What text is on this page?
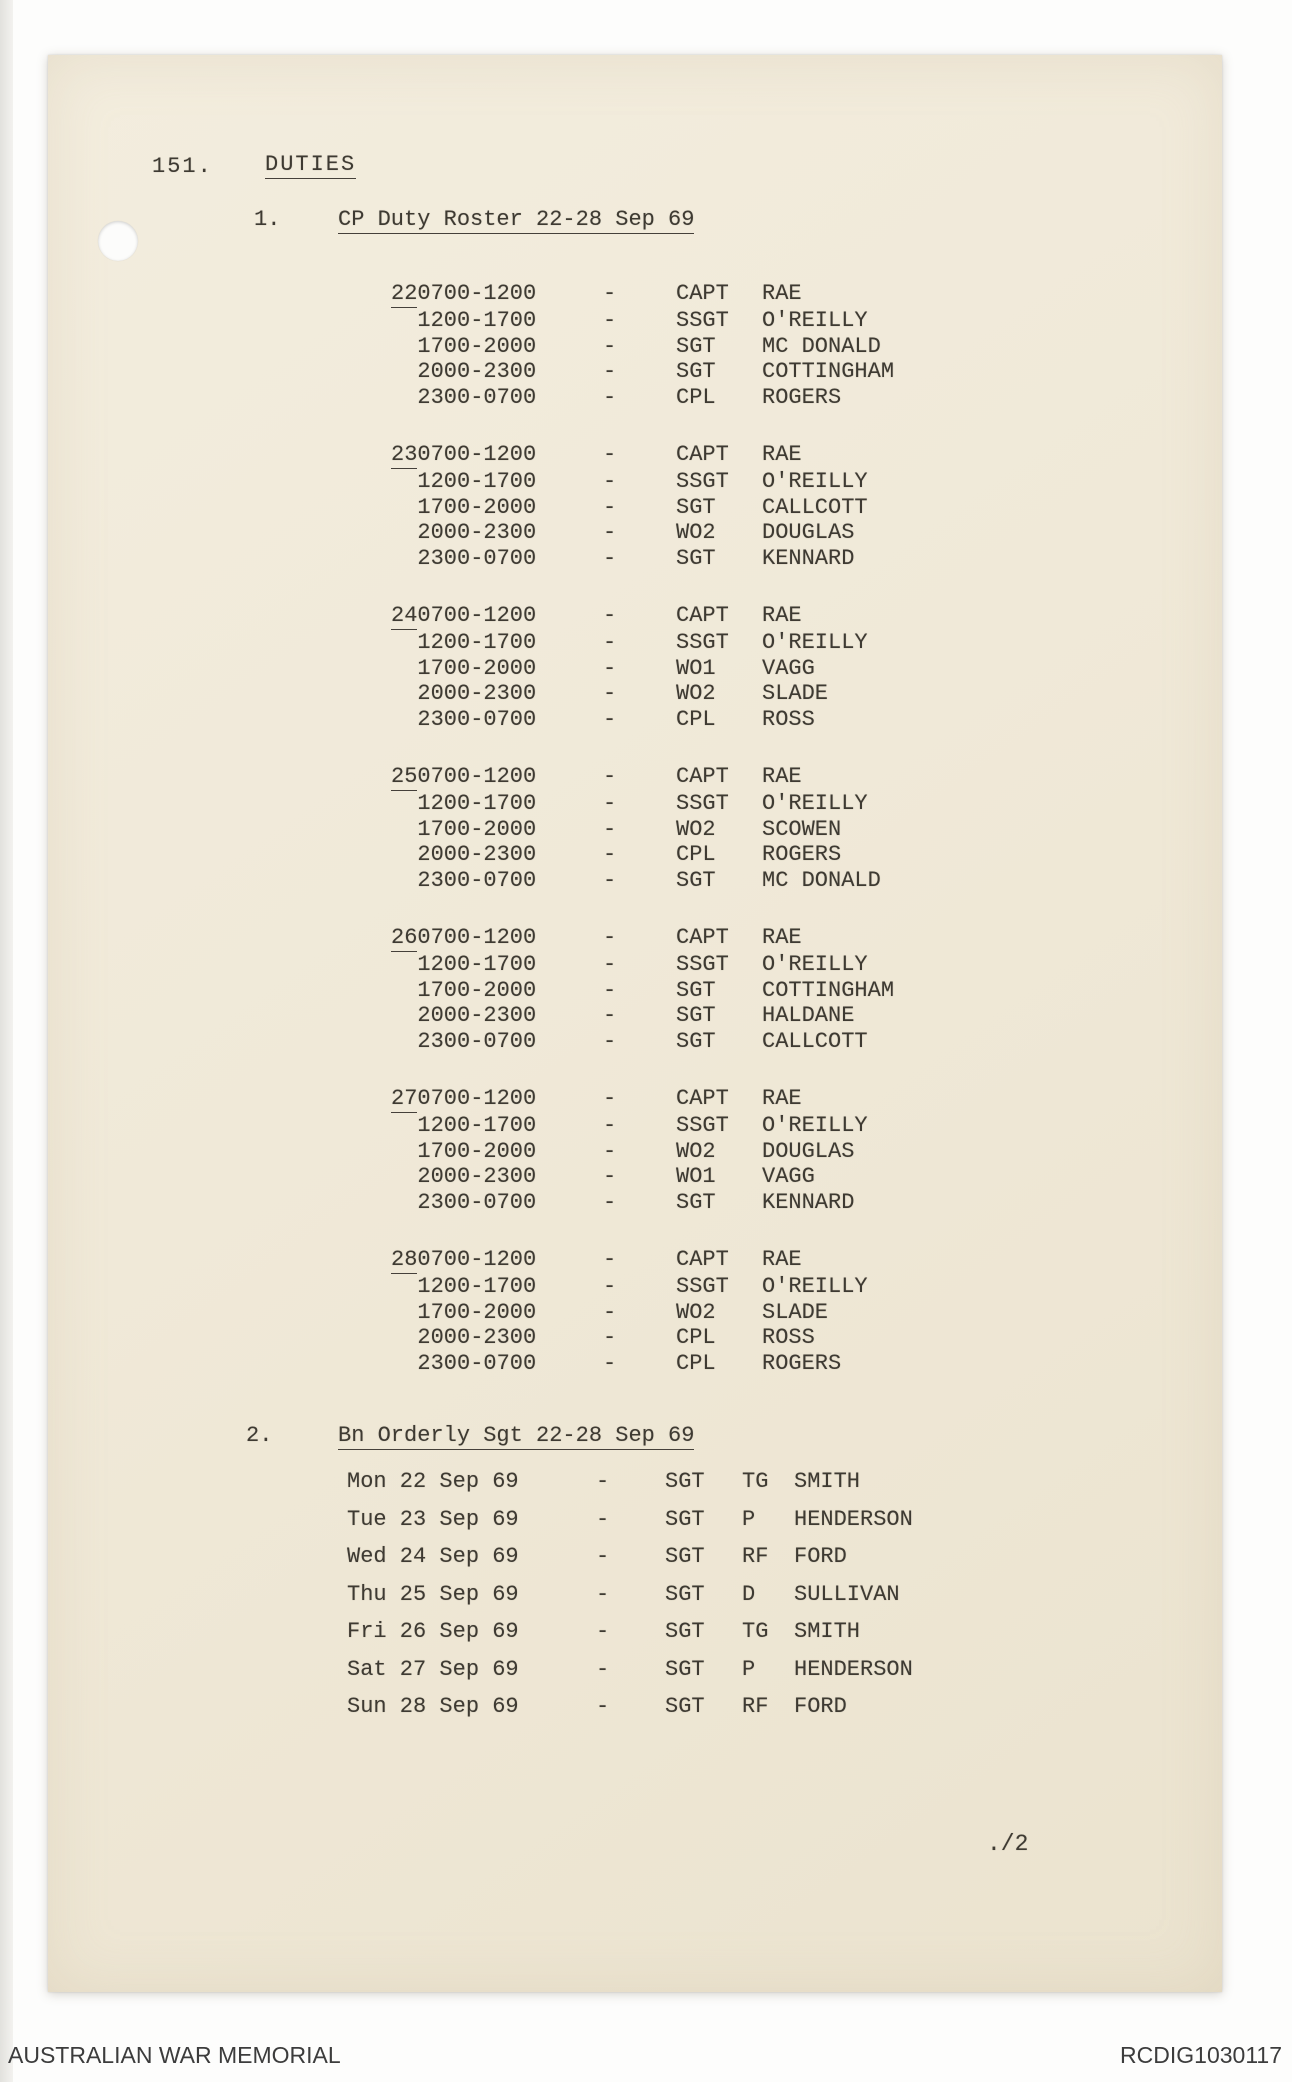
151. DUTIES
1.	CP Duty Roster 22-28 Sep 69
220700-1200	-	CAPT	RAE
1200-1700	-	SSGT	O'REILLY
1700-2000	-	SGT	MC DONALD
2000-2300	-	SGT	COTTINGHAM
2300-0700	-	CPL	ROGERS
230700-1200	-	CAPT	RAE
1200-1700	-	SSGT	O'REILLY
1700-2000	-	SGT	CALLCOTT
2000-2300	-	WO2	DOUGLAS
2300-0700	-	SGT	KENNARD
240700-1200	-	CAPT	RAE
1200-1700	-	SSGT	O'REILLY
1700-2000	-	WO1	VAGG
2000-2300	-	WO2	SLADE
2300-0700	-	CPL	ROSS
250700-1200	-	CAPT	RAE
1200-1700	-	SSGT	O'REILLY
1700-2000	-	WO2	SCOWEN
2000-2300	-	CPL	ROGERS
2300-0700	-	SGT	MC DONALD
260700-1200	-	CAPT	RAE
1200-1700	-	SSGT	O'REILLY
1700-2000	-	SGT	COTTINGHAM
2000-2300	-	SGT	HALDANE
2300-0700	-	SGT	CALLCOTT
270700-1200	-	CAPT	RAE
1200-1700	-	SSGT	O'REILLY
1700-2000	-	WO2	DOUGLAS
2000-2300	-	WO1	VAGG
2300-0700	-	SGT	KENNARD
280700-1200	-	CAPT	RAE
1200-1700	-	SSGT	O'REILLY
1700-2000	-	WO2	SLADE
2000-2300	-	CPL	ROSS
2300-0700	-	CPL	ROGERS
2.	Bn Orderly Sgt 22-28 Sep 69
Mon 22 Sep 69	-	SGT	TG	SMITH
Tue 23 Sep 69	-	SGT	P	HENDERSON
Wed 24 Sep 69	-	SGT	RF	FORD
Thu 25 Sep 69	-	SGT	D	SULLIVAN
Fri 26 Sep 69	-	SGT	TG	SMITH
Sat 27 Sep 69	-	SGT	P	HENDERSON
Sun 28 Sep 69	-	SGT	RF	FORD
./2
AUSTRALIAN WAR MEMORIAL	RCDIG1030117
